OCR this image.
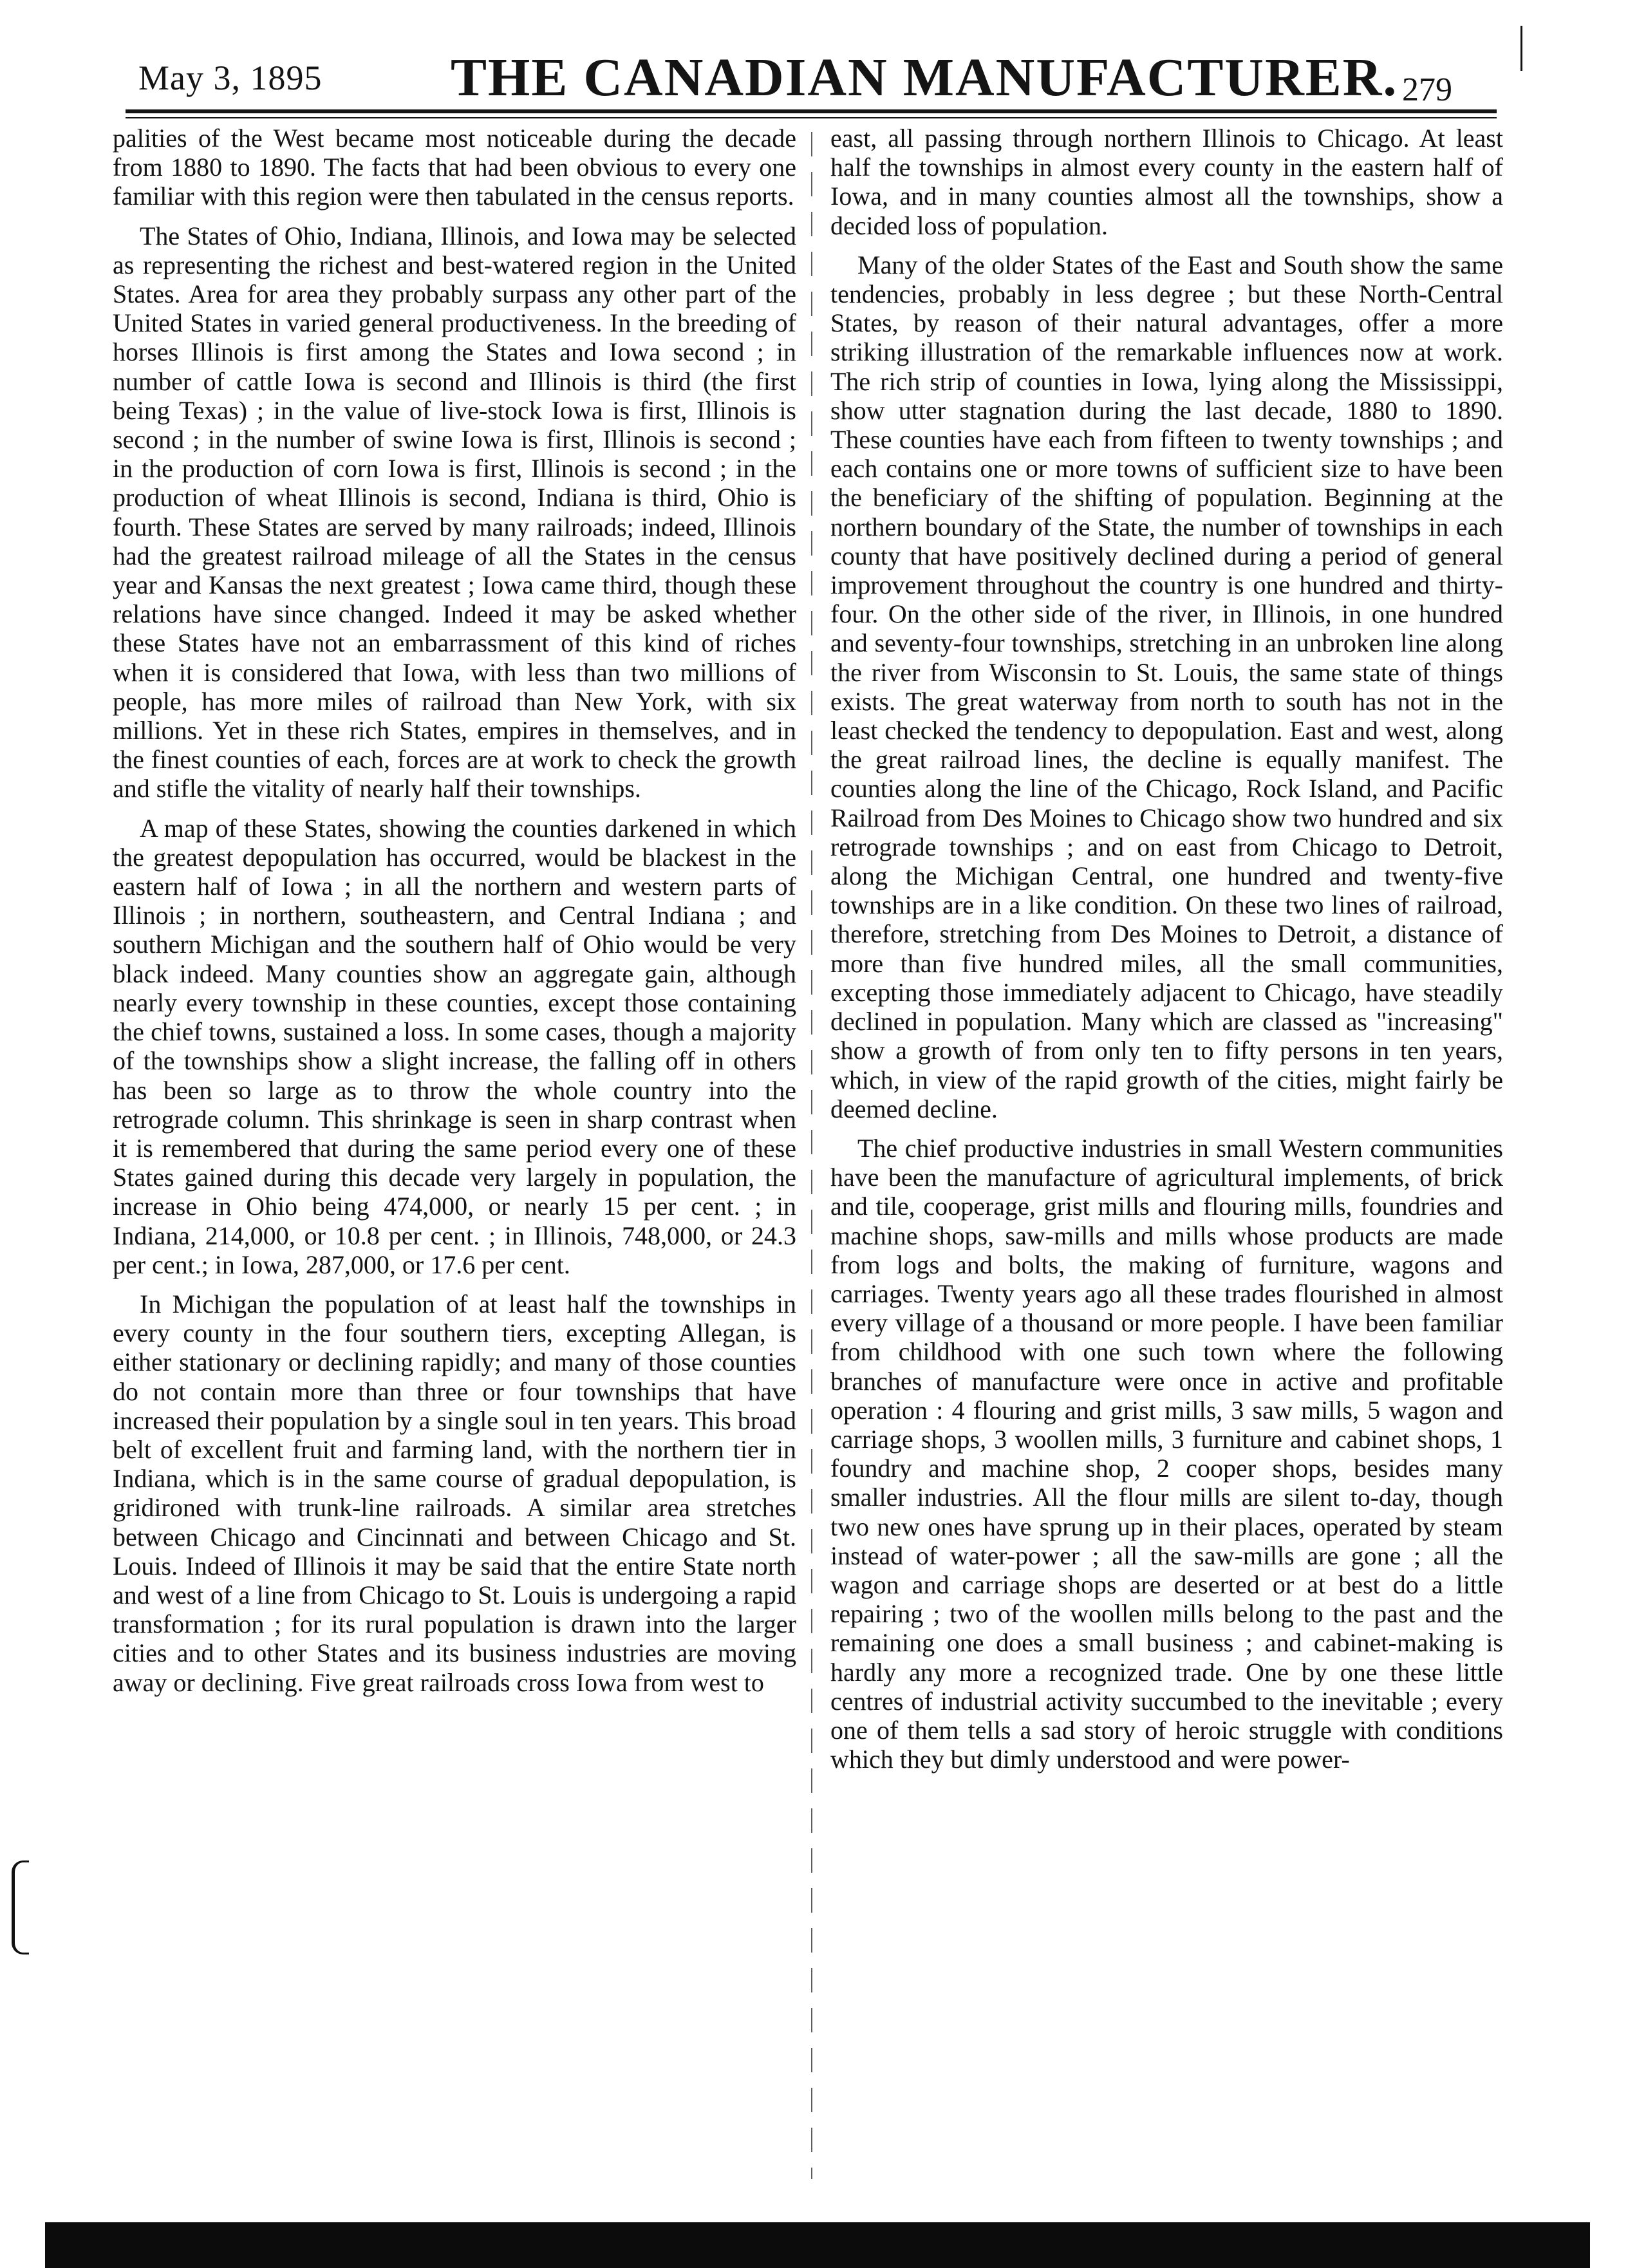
May 3, 1895 THE CANADIAN MANUFACTURER. 279

palities of the West became most noticeable during the decade from 1880 to 1890. The facts that had been obvious to every one familiar with this region were then tabulated in the census reports.

The States of Ohio, Indiana, Illinois, and Iowa may be selected as representing the richest and best-watered region in the United States. Area for area they probably surpass any other part of the United States in varied general productiveness. In the breeding of horses Illinois is first among the States and Iowa second ; in number of cattle Iowa is second and Illinois is third (the first being Texas) ; in the value of live-stock Iowa is first, Illinois is second ; in the number of swine Iowa is first, Illinois is second ; in the production of corn Iowa is first, Illinois is second ; in the production of wheat Illinois is second, Indiana is third, Ohio is fourth. These States are served by many railroads; indeed, Illinois had the greatest railroad mileage of all the States in the census year and Kansas the next greatest ; Iowa came third, though these relations have since changed. Indeed it may be asked whether these States have not an embarrassment of this kind of riches when it is considered that Iowa, with less than two millions of people, has more miles of railroad than New York, with six millions. Yet in these rich States, empires in themselves, and in the finest counties of each, forces are at work to check the growth and stifle the vitality of nearly half their townships.

A map of these States, showing the counties darkened in which the greatest depopulation has occurred, would be blackest in the eastern half of Iowa ; in all the northern and western parts of Illinois ; in northern, southeastern, and Central Indiana ; and southern Michigan and the southern half of Ohio would be very black indeed. Many counties show an aggregate gain, although nearly every township in these counties, except those containing the chief towns, sustained a loss. In some cases, though a majority of the townships show a slight increase, the falling off in others has been so large as to throw the whole country into the retrograde column. This shrinkage is seen in sharp contrast when it is remembered that during the same period every one of these States gained during this decade very largely in population, the increase in Ohio being 474,000, or nearly 15 per cent. ; in Indiana, 214,000, or 10.8 per cent. ; in Illinois, 748,000, or 24.3 per cent.; in Iowa, 287,000, or 17.6 per cent.

In Michigan the population of at least half the townships in every county in the four southern tiers, excepting Allegan, is either stationary or declining rapidly; and many of those counties do not contain more than three or four townships that have increased their population by a single soul in ten years. This broad belt of excellent fruit and farming land, with the northern tier in Indiana, which is in the same course of gradual depopulation, is gridironed with trunk-line railroads. A similar area stretches between Chicago and Cincinnati and between Chicago and St. Louis. Indeed of Illinois it may be said that the entire State north and west of a line from Chicago to St. Louis is undergoing a rapid transformation ; for its rural population is drawn into the larger cities and to other States and its business industries are moving away or declining. Five great railroads cross Iowa from west to

east, all passing through northern Illinois to Chicago. At least half the townships in almost every county in the eastern half of Iowa, and in many counties almost all the townships, show a decided loss of population.

Many of the older States of the East and South show the same tendencies, probably in less degree ; but these North-Central States, by reason of their natural advantages, offer a more striking illustration of the remarkable influences now at work. The rich strip of counties in Iowa, lying along the Mississippi, show utter stagnation during the last decade, 1880 to 1890. These counties have each from fifteen to twenty townships ; and each contains one or more towns of sufficient size to have been the beneficiary of the shifting of population. Beginning at the northern boundary of the State, the number of townships in each county that have positively declined during a period of general improvement throughout the country is one hundred and thirty-four. On the other side of the river, in Illinois, in one hundred and seventy-four townships, stretching in an unbroken line along the river from Wisconsin to St. Louis, the same state of things exists. The great waterway from north to south has not in the least checked the tendency to depopulation. East and west, along the great railroad lines, the decline is equally manifest. The counties along the line of the Chicago, Rock Island, and Pacific Railroad from Des Moines to Chicago show two hundred and six retrograde townships ; and on east from Chicago to Detroit, along the Michigan Central, one hundred and twenty-five townships are in a like condition. On these two lines of railroad, therefore, stretching from Des Moines to Detroit, a distance of more than five hundred miles, all the small communities, excepting those immediately adjacent to Chicago, have steadily declined in population. Many which are classed as "increasing" show a growth of from only ten to fifty persons in ten years, which, in view of the rapid growth of the cities, might fairly be deemed decline.

The chief productive industries in small Western communities have been the manufacture of agricultural implements, of brick and tile, cooperage, grist mills and flouring mills, foundries and machine shops, saw-mills and mills whose products are made from logs and bolts, the making of furniture, wagons and carriages. Twenty years ago all these trades flourished in almost every village of a thousand or more people. I have been familiar from childhood with one such town where the following branches of manufacture were once in active and profitable operation : 4 flouring and grist mills, 3 saw mills, 5 wagon and carriage shops, 3 woollen mills, 3 furniture and cabinet shops, 1 foundry and machine shop, 2 cooper shops, besides many smaller industries. All the flour mills are silent to-day, though two new ones have sprung up in their places, operated by steam instead of water-power ; all the saw-mills are gone ; all the wagon and carriage shops are deserted or at best do a little repairing ; two of the woollen mills belong to the past and the remaining one does a small business ; and cabinet-making is hardly any more a recognized trade. One by one these little centres of industrial activity succumbed to the inevitable ; every one of them tells a sad story of heroic struggle with conditions which they but dimly understood and were power-
